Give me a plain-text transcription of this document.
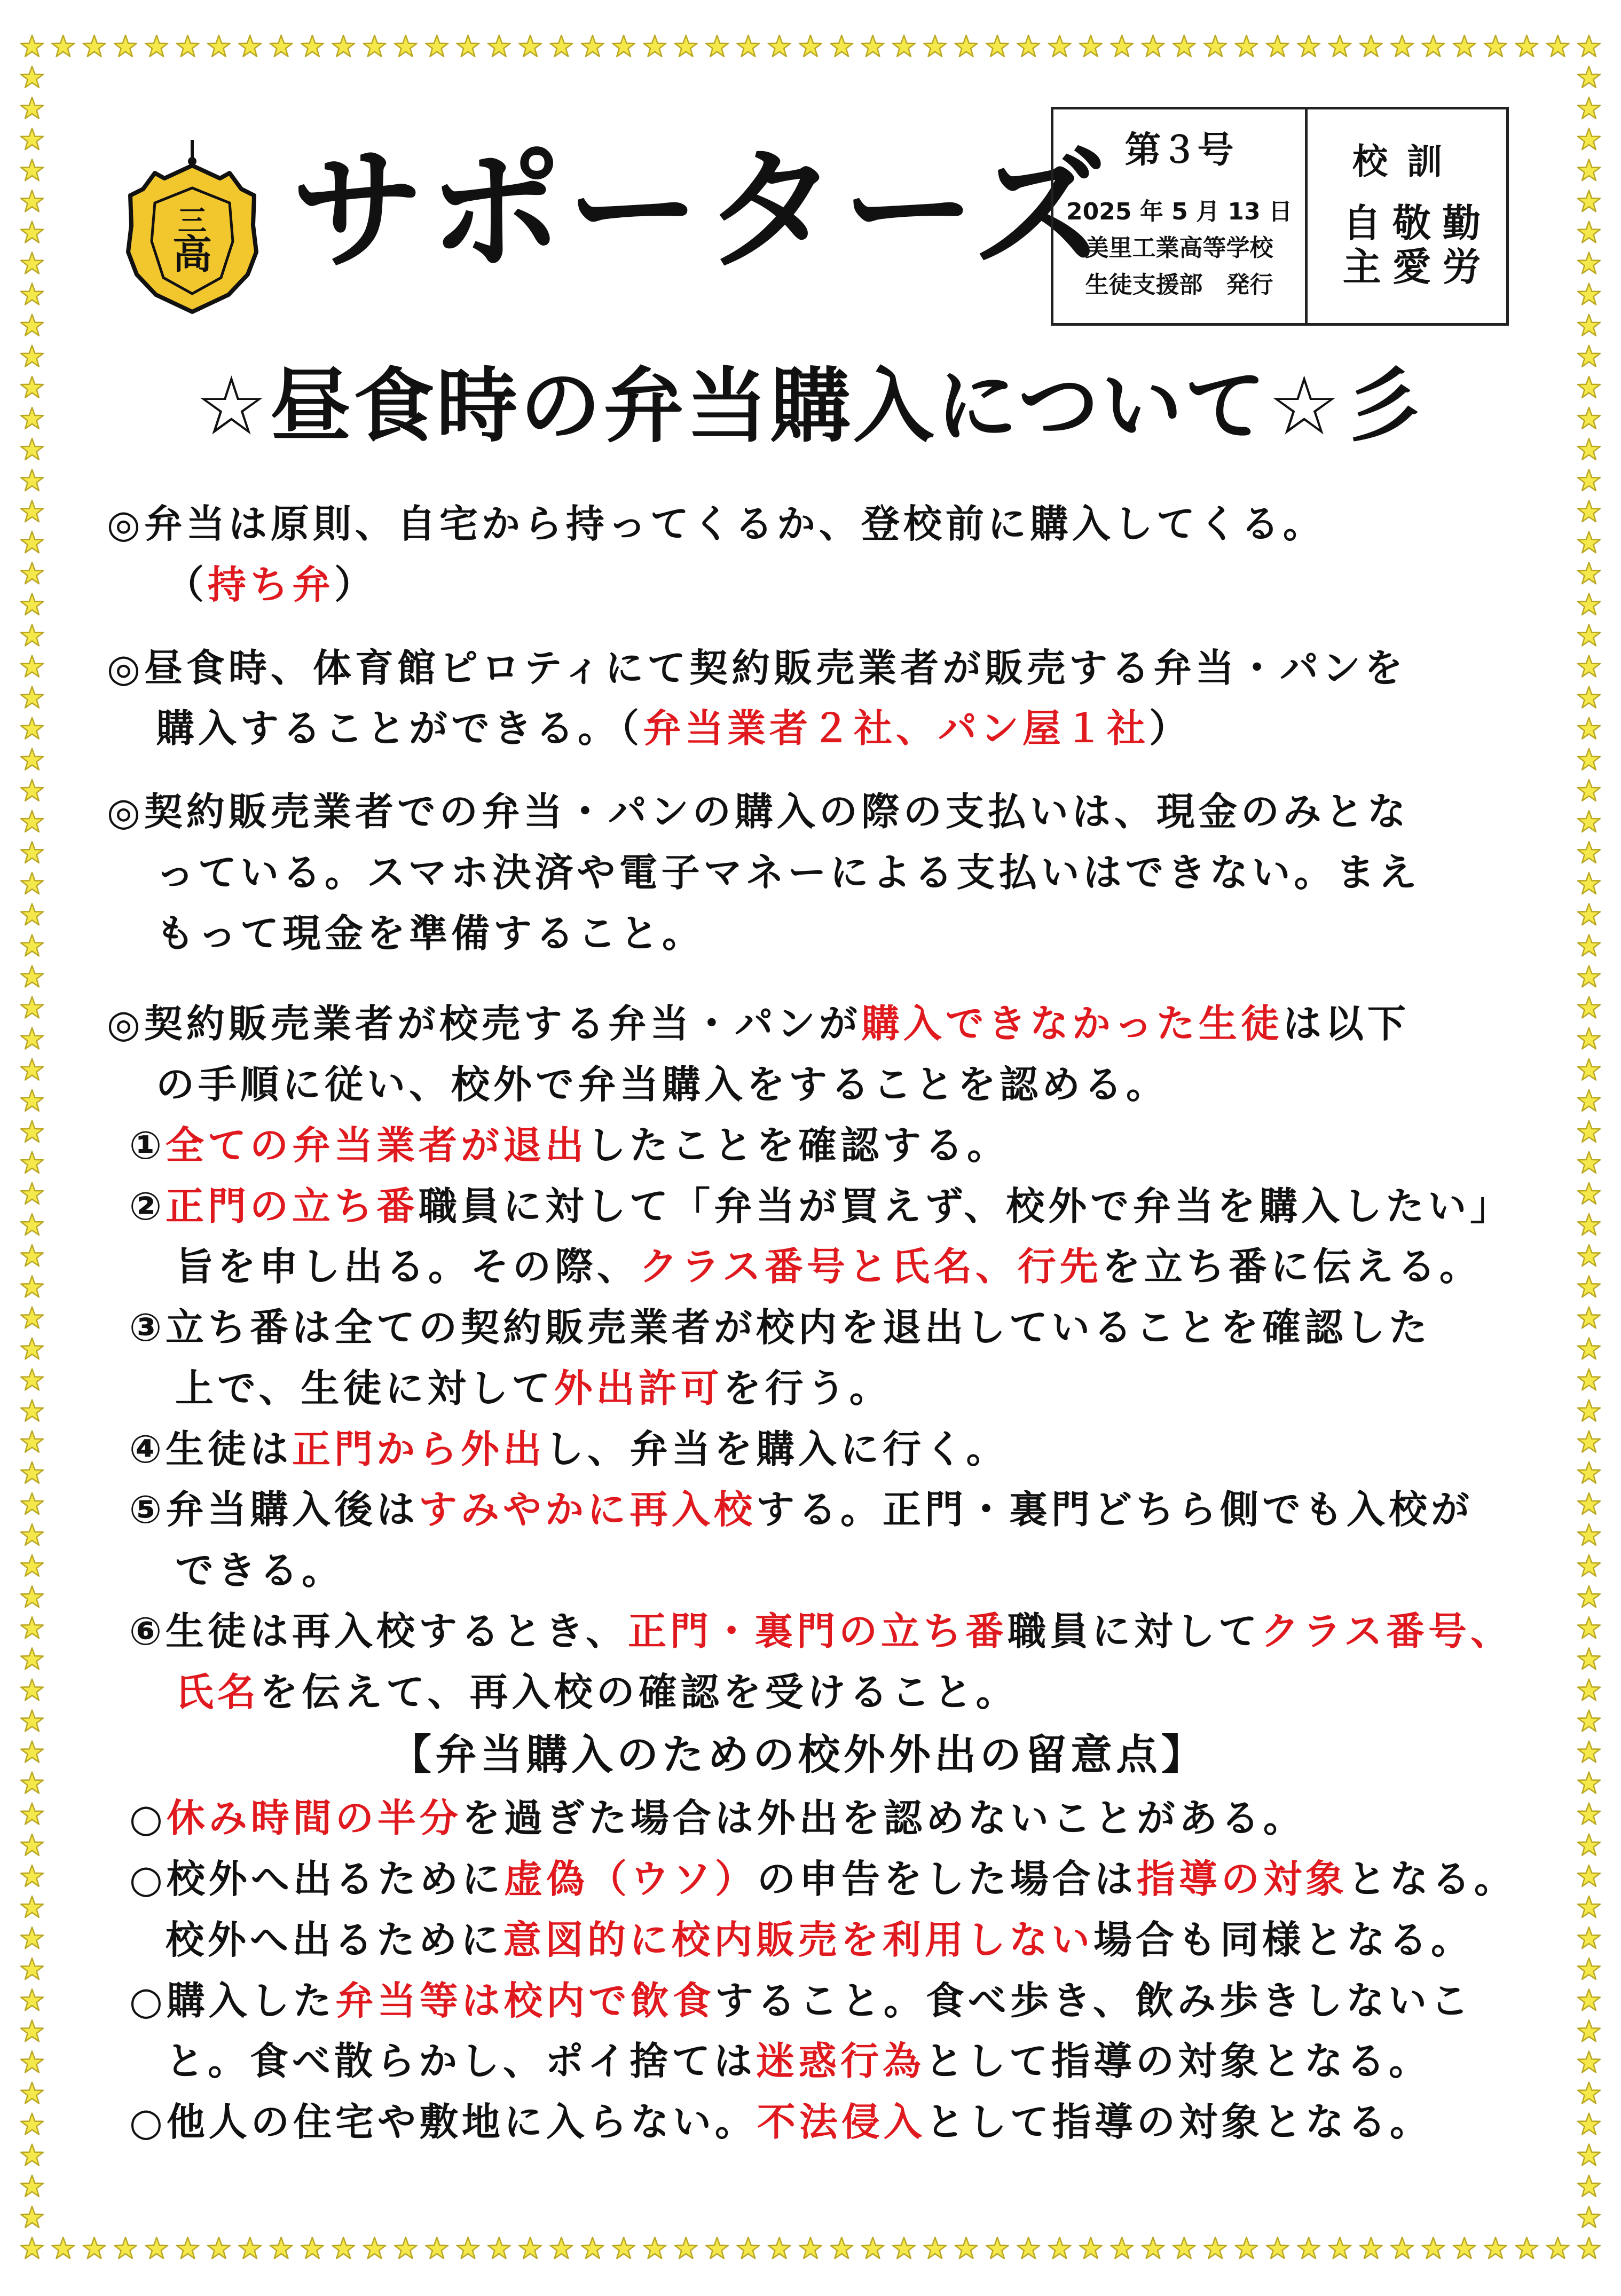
三
高 サポーターズ 第３号
2025 年 5 月 13 日
美里工業高等学校
生徒支援部　発行
校訓
自 敬 勤
主 愛 労
☆昼食時の弁当購入について☆彡

◎弁当は原則、自宅から持ってくるか、登校前に購入してくる。

（持ち弁）

◎昼食時、体育館ピロティにて契約販売業者が販売する弁当・パンを

購入することができる。（弁当業者２社、パン屋１社）

◎契約販売業者での弁当・パンの購入の際の支払いは、現金のみとな

っている。スマホ決済や電子マネーによる支払いはできない。まえ

もって現金を準備すること。

◎契約販売業者が校売する弁当・パンが購入できなかった生徒は以下

の手順に従い、校外で弁当購入をすることを認める。

①全ての弁当業者が退出したことを確認する。

②正門の立ち番職員に対して「弁当が買えず、校外で弁当を購入したい」

旨を申し出る。その際、クラス番号と氏名、行先を立ち番に伝える。

③立ち番は全ての契約販売業者が校内を退出していることを確認した

上で、生徒に対して外出許可を行う。

④生徒は正門から外出し、弁当を購入に行く。

⑤弁当購入後はすみやかに再入校する。正門・裏門どちら側でも入校が

できる。

⑥生徒は再入校するとき、正門・裏門の立ち番職員に対してクラス番号、

氏名を伝えて、再入校の確認を受けること。

【弁当購入のための校外外出の留意点】

○休み時間の半分を過ぎた場合は外出を認めないことがある。

○校外へ出るために虚偽（ウソ）の申告をした場合は指導の対象となる。

校外へ出るために意図的に校内販売を利用しない場合も同様となる。

○購入した弁当等は校内で飲食すること。食べ歩き、飲み歩きしないこ

と。食べ散らかし、ポイ捨ては迷惑行為として指導の対象となる。

○他人の住宅や敷地に入らない。不法侵入として指導の対象となる。
